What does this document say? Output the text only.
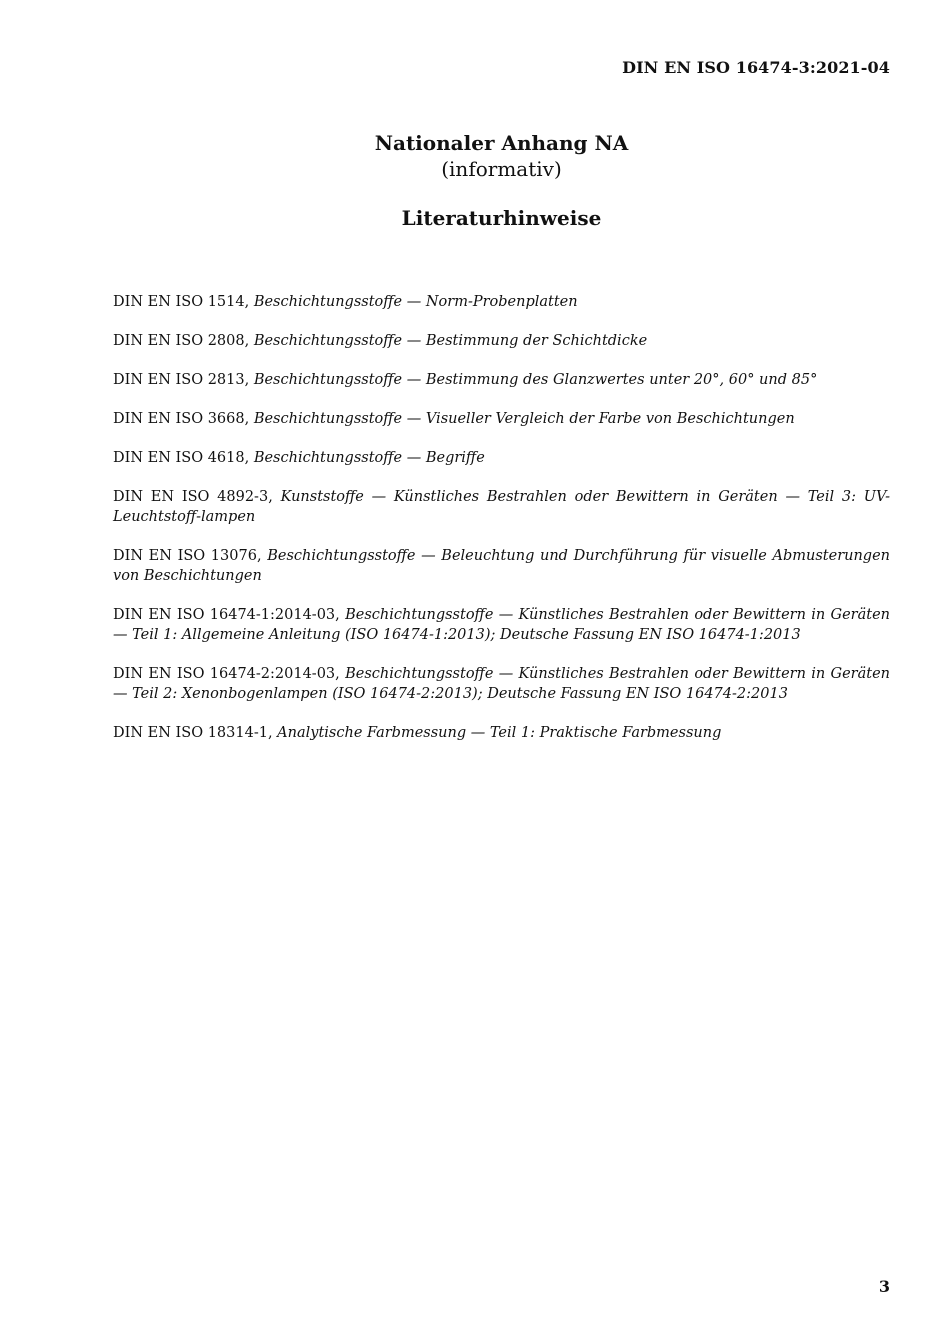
DIN EN ISO 16474-3:2021-04
Nationaler Anhang NA
(informativ)
Literaturhinweise

DIN EN ISO 1514, Beschichtungsstoffe — Norm-Probenplatten

DIN EN ISO 2808, Beschichtungsstoffe — Bestimmung der Schichtdicke

DIN EN ISO 2813, Beschichtungsstoffe — Bestimmung des Glanzwertes unter 20°, 60° und 85°

DIN EN ISO 3668, Beschichtungsstoffe — Visueller Vergleich der Farbe von Beschichtungen

DIN EN ISO 4618, Beschichtungsstoffe — Begriffe

DIN EN ISO 4892-3, Kunststoffe — Künstliches Bestrahlen oder Bewittern in Geräten — Teil 3: UV-Leuchtstoff-lampen

DIN EN ISO 13076, Beschichtungsstoffe — Beleuchtung und Durchführung für visuelle Abmusterungen von Beschichtungen

DIN EN ISO 16474-1:2014-03, Beschichtungsstoffe — Künstliches Bestrahlen oder Bewittern in Geräten — Teil 1: Allgemeine Anleitung (ISO 16474-1:2013); Deutsche Fassung EN ISO 16474-1:2013

DIN EN ISO 16474-2:2014-03, Beschichtungsstoffe — Künstliches Bestrahlen oder Bewittern in Geräten — Teil 2: Xenonbogenlampen (ISO 16474-2:2013); Deutsche Fassung EN ISO 16474-2:2013

DIN EN ISO 18314-1, Analytische Farbmessung — Teil 1: Praktische Farbmessung

3
